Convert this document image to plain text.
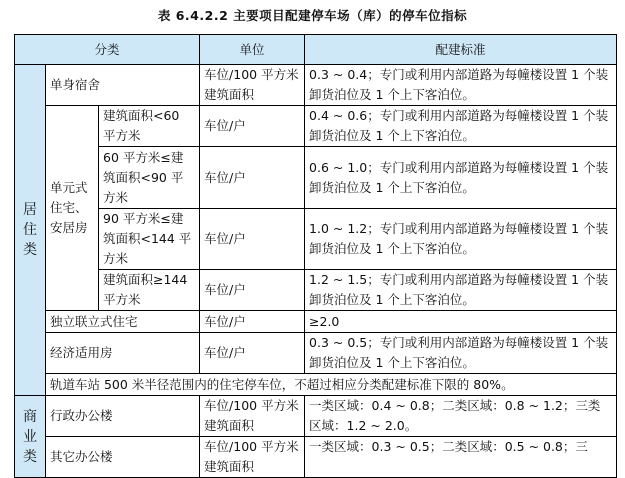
表 6.4.2.2 主要项目配建停车场（库）的停车位指标
分类			单位	配建标准
居住类	单身宿舍		车位/100 平方米建筑面积	0.3 ~ 0.4；专门或利用内部道路为每幢楼设置 1 个装卸货泊位及 1 个上下客泊位。
	单元式住宅、安居房	建筑面积<60 平方米	车位/户	0.4 ~ 0.6；专门或利用内部道路为每幢楼设置 1 个装卸货泊位及 1 个上下客泊位。
		60 平方米≤建筑面积<90 平方米	车位/户	0.6 ~ 1.0；专门或利用内部道路为每幢楼设置 1 个装卸货泊位及 1 个上下客泊位。
		90 平方米≤建筑面积<144 平方米	车位/户	1.0 ~ 1.2；专门或利用内部道路为每幢楼设置 1 个装卸货泊位及 1 个上下客泊位。
		建筑面积≥144 平方米	车位/户	1.2 ~ 1.5；专门或利用内部道路为每幢楼设置 1 个装卸货泊位及 1 个上下客泊位。
	独立联立式住宅		车位/户	≥2.0
	经济适用房		车位/户	0.3 ~ 0.5；专门或利用内部道路为每幢楼设置 1 个装卸货泊位及 1 个上下客泊位。
	轨道车站 500 米半径范围内的住宅停车位，不超过相应分类配建标准下限的 80%。			
商业类	行政办公楼		车位/100 平方米建筑面积	一类区域：0.4 ~ 0.8；二类区域：0.8 ~ 1.2；三类区域：1.2 ~ 2.0。
	其它办公楼		车位/100 平方米建筑面积	一类区域：0.3 ~ 0.5；二类区域：0.5 ~ 0.8；三
